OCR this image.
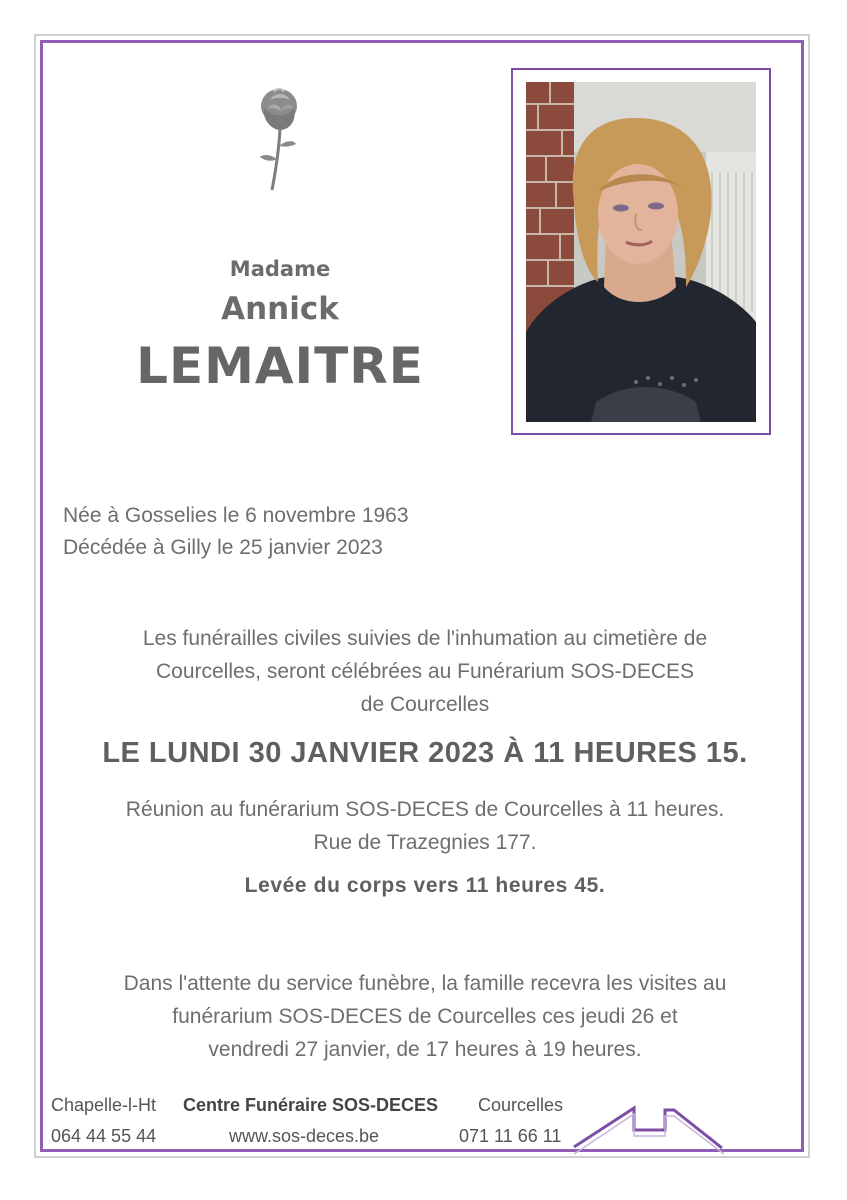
Madame
Annick
LEMAITRE
Née à Gosselies le 6 novembre 1963
Décédée à Gilly le 25 janvier 2023
Les funérailles civiles suivies de l'inhumation au cimetière de
Courcelles, seront célébrées au Funérarium SOS-DECES
de Courcelles
LE LUNDI 30 JANVIER 2023 À 11 HEURES 15.
Réunion au funérarium SOS-DECES de Courcelles à 11 heures.
Rue de Trazegnies 177.
Levée du corps vers 11 heures 45.
Dans l'attente du service funèbre, la famille recevra les visites au
funérarium SOS-DECES de Courcelles ces jeudi 26 et
vendredi 27 janvier, de 17 heures à 19 heures.
Chapelle-l-Ht Centre Funéraire SOS-DECES Courcelles
064 44 55 44	www.sos-deces.be	071 11 66 11
